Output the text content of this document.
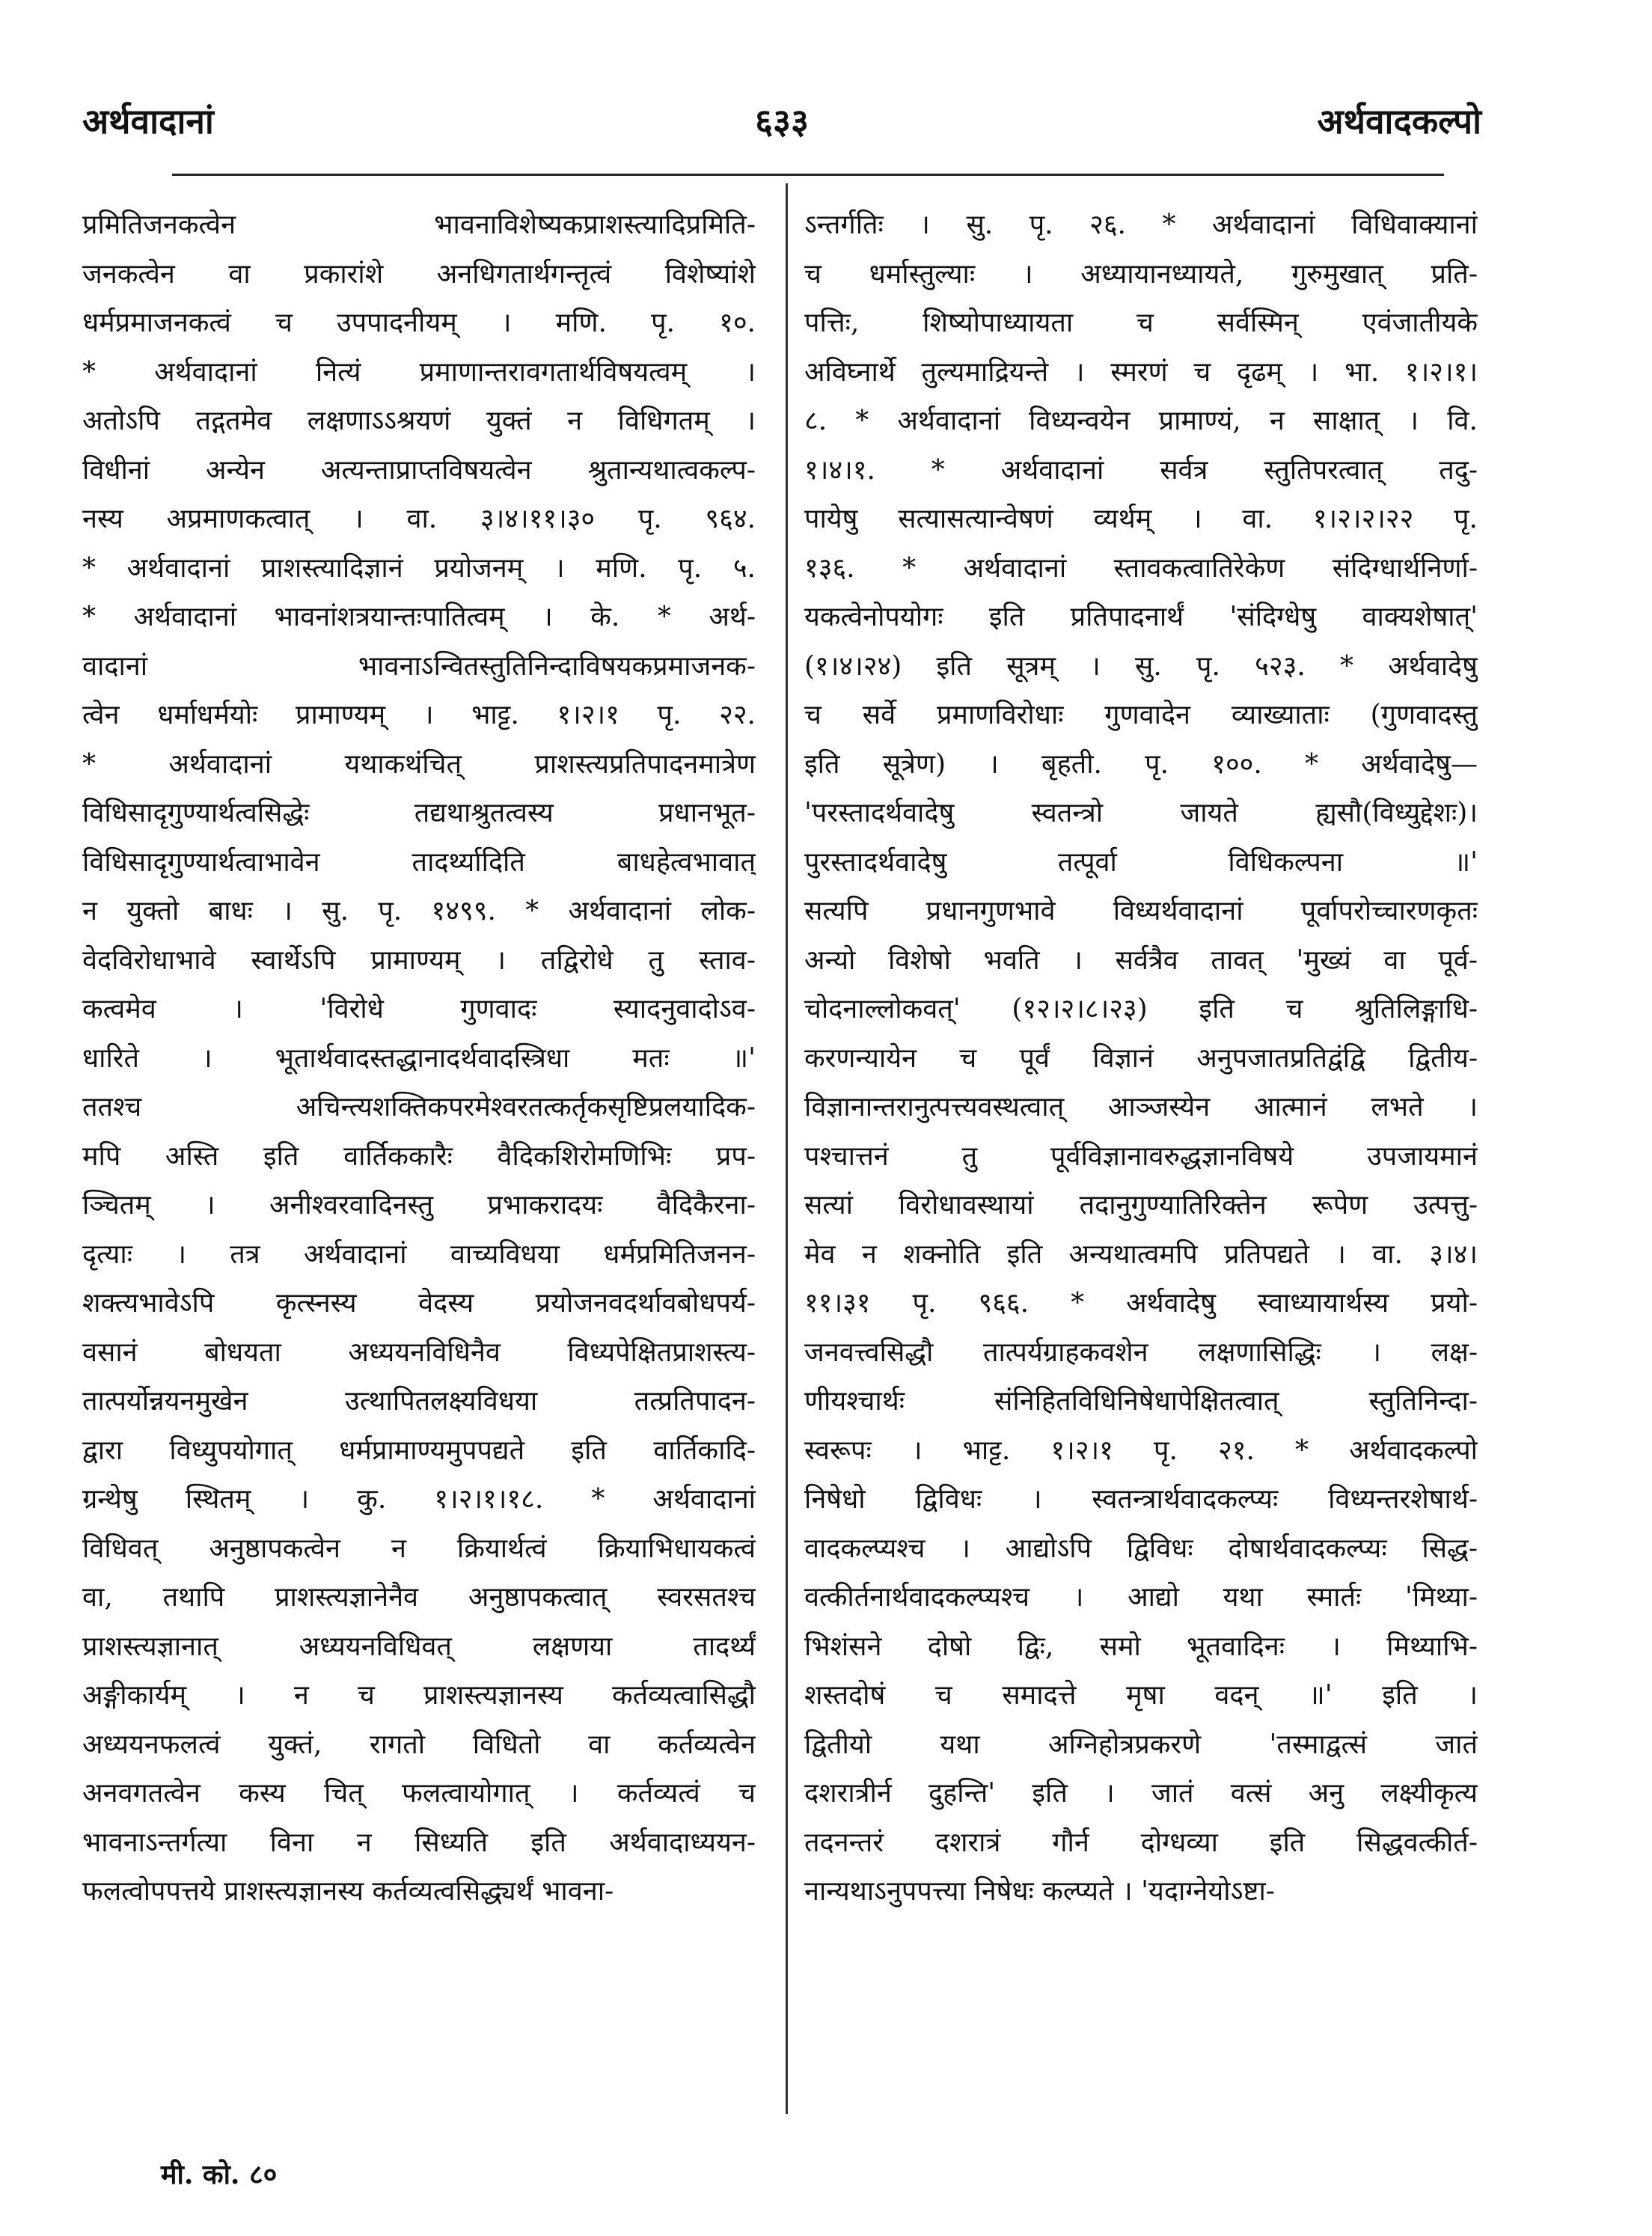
अर्थवादानां	६३३	अर्थवादकल्पो
प्रमितिजनकत्वेन भावनाविशेष्यकप्राशस्त्यादिप्रमिति-
जनकत्वेन वा प्रकारांशे अनधिगतार्थगन्तृत्वं विशेष्यांशे
धर्मप्रमाजनकत्वं च उपपादनीयम् । मणि. पृ. १०.
* अर्थवादानां नित्यं प्रमाणान्तरावगतार्थविषयत्वम् ।
अतोऽपि तद्गतमेव लक्षणाऽऽश्रयणं युक्तं न विधिगतम् ।
विधीनां अन्येन अत्यन्ताप्राप्तविषयत्वेन श्रुतान्यथात्वकल्प-
नस्य अप्रमाणकत्वात् । वा. ३।४।११।३० पृ. ९६४.
* अर्थवादानां प्राशस्त्यादिज्ञानं प्रयोजनम् । मणि. पृ. ५.
* अर्थवादानां भावनांशत्रयान्तःपातित्वम् । के. * अर्थ-
वादानां भावनाऽन्वितस्तुतिनिन्दाविषयकप्रमाजनक-
त्वेन धर्माधर्मयोः प्रामाण्यम् । भाट्ट. १।२।१ पृ. २२.
* अर्थवादानां यथाकथंचित् प्राशस्त्यप्रतिपादनमात्रेण
विधिसादृगुण्यार्थत्वसिद्धेः तद्यथाश्रुतत्वस्य प्रधानभूत-
विधिसादृगुण्यार्थत्वाभावेन तादर्थ्यादिति बाधहेत्वभावात्
न युक्तो बाधः । सु. पृ. १४९९. * अर्थवादानां लोक-
वेदविरोधाभावे स्वार्थेऽपि प्रामाण्यम् । तद्विरोधे तु स्ताव-
कत्वमेव । 'विरोधे गुणवादः स्यादनुवादोऽव-
धारिते । भूतार्थवादस्तद्धानादर्थवादस्त्रिधा मतः ॥'
ततश्च अचिन्त्यशक्तिकपरमेश्वरतत्कर्तृकसृष्टिप्रलयादिक-
मपि अस्ति इति वार्तिककारैः वैदिकशिरोमणिभिः प्रप-
ञ्चितम् । अनीश्वरवादिनस्तु प्रभाकरादयः वैदिकैरना-
दृत्याः । तत्र अर्थवादानां वाच्यविधया धर्मप्रमितिजनन-
शक्त्यभावेऽपि कृत्स्नस्य वेदस्य प्रयोजनवदर्थावबोधपर्य-
वसानं बोधयता अध्ययनविधिनैव विध्यपेक्षितप्राशस्त्य-
तात्पर्योन्नयनमुखेन उत्थापितलक्ष्यविधया तत्प्रतिपादन-
द्वारा विध्युपयोगात् धर्मप्रामाण्यमुपपद्यते इति वार्तिकादि-
ग्रन्थेषु स्थितम् । कु. १।२।१।१८. * अर्थवादानां
विधिवत् अनुष्ठापकत्वेन न क्रियार्थत्वं क्रियाभिधायकत्वं
वा, तथापि प्राशस्त्यज्ञानेनैव अनुष्ठापकत्वात् स्वरसतश्च
प्राशस्त्यज्ञानात् अध्ययनविधिवत् लक्षणया तादर्थ्यं
अङ्गीकार्यम् । न च प्राशस्त्यज्ञानस्य कर्तव्यत्वासिद्धौ
अध्ययनफलत्वं युक्तं, रागतो विधितो वा कर्तव्यत्वेन
अनवगतत्वेन कस्य चित् फलत्वायोगात् । कर्तव्यत्वं च
भावनाऽन्तर्गत्या विना न सिध्यति इति अर्थवादाध्ययन-
फलत्वोपपत्तये प्राशस्त्यज्ञानस्य कर्तव्यत्वसिद्ध्यर्थं भावना-
ऽन्तर्गतिः । सु. पृ. २६. * अर्थवादानां विधिवाक्यानां
च धर्मास्तुल्याः । अध्यायानध्यायते, गुरुमुखात् प्रति-
पत्तिः, शिष्योपाध्यायता च सर्वस्मिन् एवंजातीयके
अविघ्नार्थे तुल्यमाद्रियन्ते । स्मरणं च दृढम् । भा. १।२।१।
८. * अर्थवादानां विध्यन्वयेन प्रामाण्यं, न साक्षात् । वि.
१।४।१. * अर्थवादानां सर्वत्र स्तुतिपरत्वात् तदु-
पायेषु सत्यासत्यान्वेषणं व्यर्थम् । वा. १।२।२।२२ पृ.
१३६. * अर्थवादानां स्तावकत्वातिरेकेण संदिग्धार्थनिर्णा-
यकत्वेनोपयोगः इति प्रतिपादनार्थं 'संदिग्धेषु वाक्यशेषात्'
(१।४।२४) इति सूत्रम् । सु. पृ. ५२३. * अर्थवादेषु
च सर्वे प्रमाणविरोधाः गुणवादेन व्याख्याताः (गुणवादस्तु
इति सूत्रेण) । बृहती. पृ. १००. * अर्थवादेषु—
'परस्तादर्थवादेषु स्वतन्त्रो जायते ह्यसौ(विध्युद्देशः)।
पुरस्तादर्थवादेषु तत्पूर्वा विधिकल्पना ॥'
सत्यपि प्रधानगुणभावे विध्यर्थवादानां पूर्वापरोच्चारणकृतः
अन्यो विशेषो भवति । सर्वत्रैव तावत् 'मुख्यं वा पूर्व-
चोदनाल्लोकवत्' (१२।२।८।२३) इति च श्रुतिलिङ्गाधि-
करणन्यायेन च पूर्वं विज्ञानं अनुपजातप्रतिद्वंद्वि द्वितीय-
विज्ञानान्तरानुत्पत्त्यवस्थत्वात् आञ्जस्येन आत्मानं लभते ।
पश्चात्तनं तु पूर्वविज्ञानावरुद्धज्ञानविषये उपजायमानं
सत्यां विरोधावस्थायां तदानुगुण्यातिरिक्तेन रूपेण उत्पत्तु-
मेव न शक्नोति इति अन्यथात्वमपि प्रतिपद्यते । वा. ३।४।
११।३१ पृ. ९६६. * अर्थवादेषु स्वाध्यायार्थस्य प्रयो-
जनवत्त्वसिद्धौ तात्पर्यग्राहकवशेन लक्षणासिद्धिः । लक्ष-
णीयश्चार्थः संनिहितविधिनिषेधापेक्षितत्वात् स्तुतिनिन्दा-
स्वरूपः । भाट्ट. १।२।१ पृ. २१. * अर्थवादकल्पो
निषेधो द्विविधः । स्वतन्त्रार्थवादकल्प्यः विध्यन्तरशेषार्थ-
वादकल्प्यश्च । आद्योऽपि द्विविधः दोषार्थवादकल्प्यः सिद्ध-
वत्कीर्तनार्थवादकल्प्यश्च । आद्यो यथा स्मार्तः 'मिथ्या-
भिशंसने दोषो द्विः, समो भूतवादिनः । मिथ्याभि-
शस्तदोषं च समादत्ते मृषा वदन् ॥' इति ।
द्वितीयो यथा अग्निहोत्रप्रकरणे 'तस्माद्वत्सं जातं
दशरात्रीर्न दुहन्ति' इति । जातं वत्सं अनु लक्ष्यीकृत्य
तदनन्तरं दशरात्रं गौर्न दोग्धव्या इति सिद्धवत्कीर्त-
नान्यथाऽनुपपत्त्या निषेधः कल्प्यते । 'यदाग्नेयोऽष्टा-
मी. को. ८०
